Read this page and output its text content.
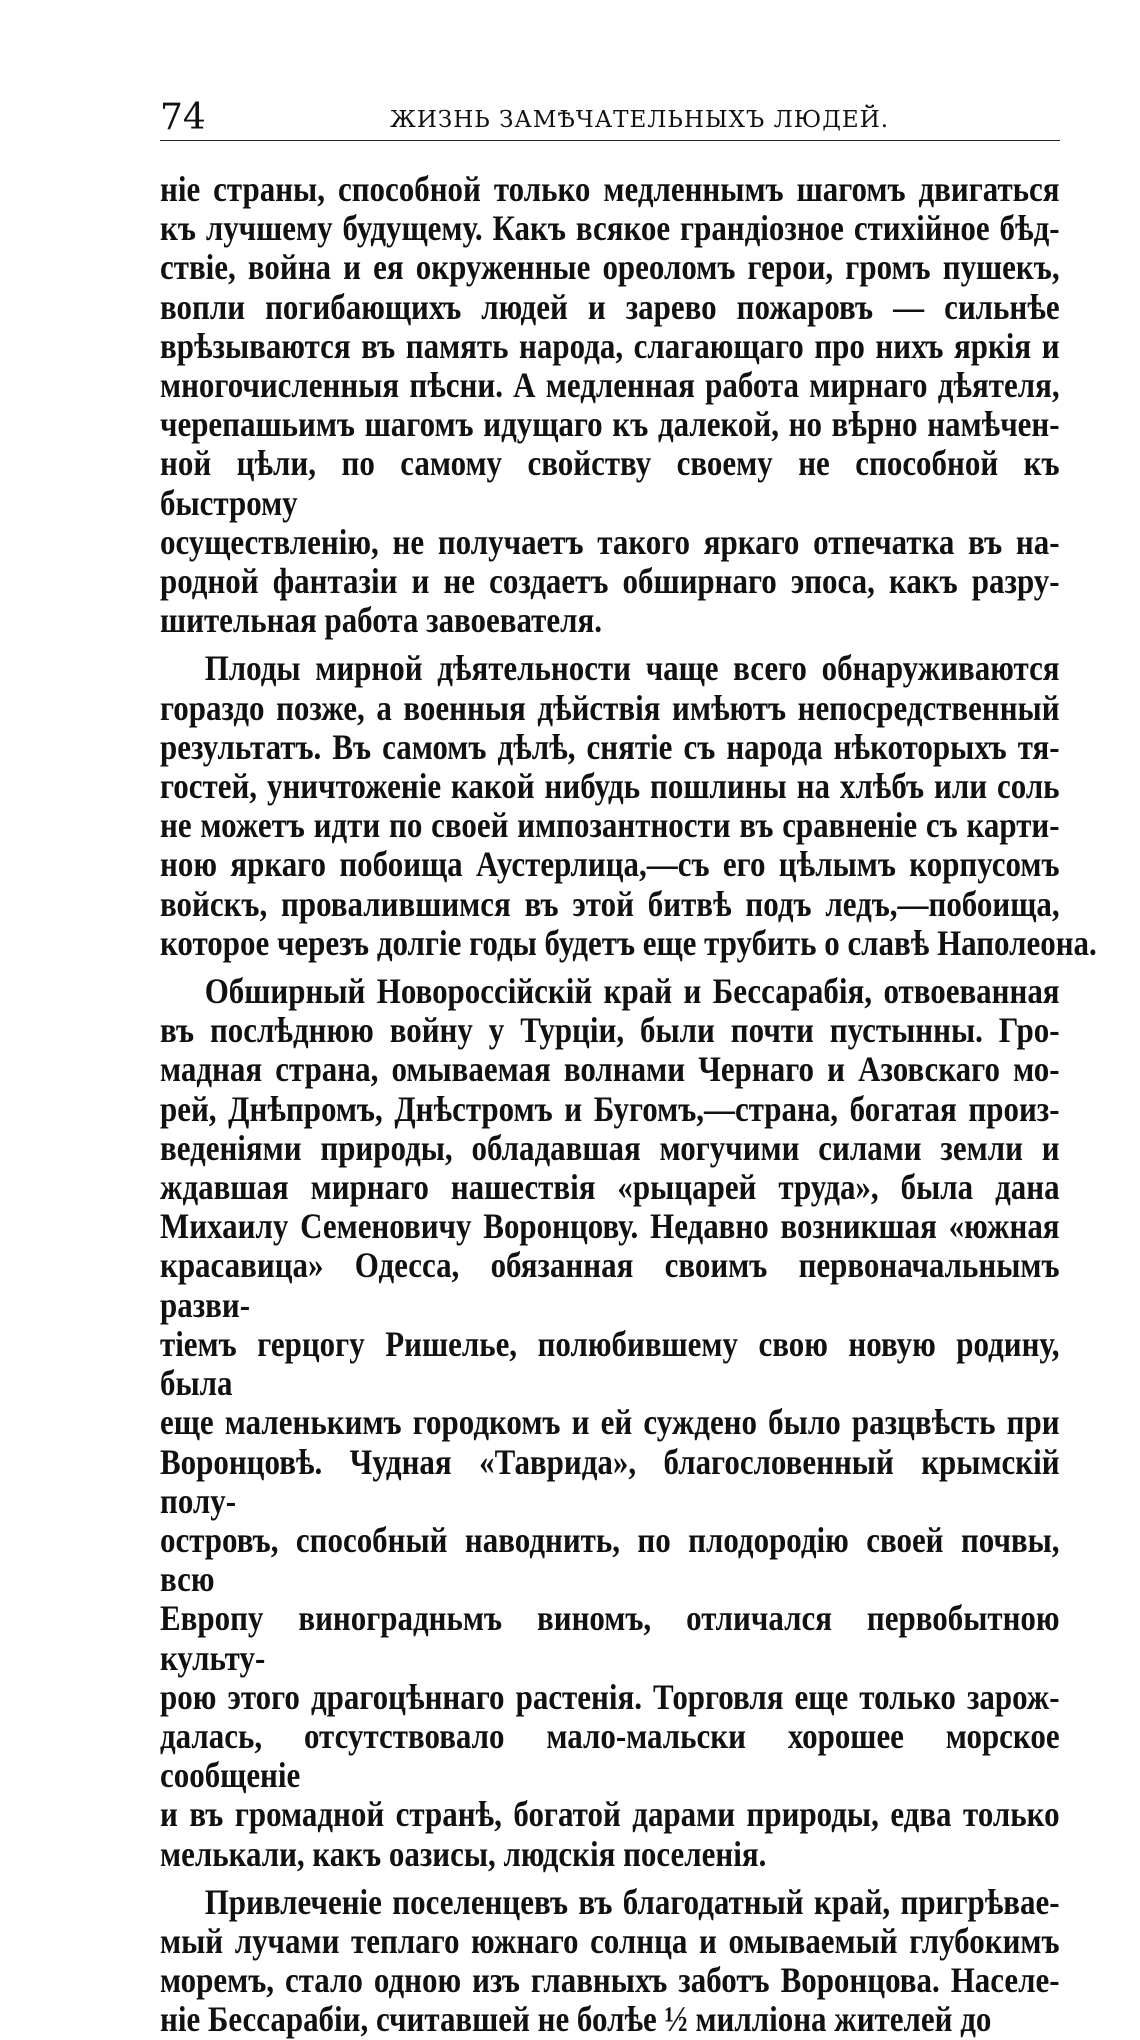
74	ЖИЗНЬ ЗАМѢЧАТЕЛЬНЫХЪ ЛЮДЕЙ.
ніе страны, способной только медленнымъ шагомъ двигаться
къ лучшему будущему. Какъ всякое грандіозное стихійное бѣд-
ствіе, война и ея окруженные ореоломъ герои, громъ пушекъ,
вопли погибающихъ людей и зарево пожаровъ — сильнѣе
врѣзываются въ память народа, слагающаго про нихъ яркія и
многочисленныя пѣсни. А медленная работа мирнаго дѣятеля,
черепашьимъ шагомъ идущаго къ далекой, но вѣрно намѣчен-
ной цѣли, по самому свойству своему не способной къ быстрому
осуществленію, не получаетъ такого яркаго отпечатка въ на-
родной фантазіи и не создаетъ обширнаго эпоса, какъ разру-
шительная работа завоевателя.
Плоды мирной дѣятельности чаще всего обнаруживаются
гораздо позже, а военныя дѣйствія имѣютъ непосредственный
результатъ. Въ самомъ дѣлѣ, снятіе съ народа нѣкоторыхъ тя-
гостей, уничтоженіе какой нибудь пошлины на хлѣбъ или соль
не можетъ идти по своей импозантности въ сравненіе съ карти-
ною яркаго побоища Аустерлица,—съ его цѣлымъ корпусомъ
войскъ, провалившимся въ этой битвѣ подъ ледъ,—побоища,
которое черезъ долгіе годы будетъ еще трубить о славѣ Наполеона.
Обширный Новороссійскій край и Бессарабія, отвоеванная
въ послѣднюю войну у Турціи, были почти пустынны. Гро-
мадная страна, омываемая волнами Чернаго и Азовскаго мо-
рей, Днѣпромъ, Днѣстромъ и Бугомъ,—страна, богатая произ-
веденіями природы, обладавшая могучими силами земли и
ждавшая мирнаго нашествія «рыцарей труда», была дана
Михаилу Семеновичу Воронцову. Недавно возникшая «южная
красавица» Одесса, обязанная своимъ первоначальнымъ разви-
тіемъ герцогу Ришелье, полюбившему свою новую родину, была
еще маленькимъ городкомъ и ей суждено было разцвѣсть при
Воронцовѣ. Чудная «Таврида», благословенный крымскій полу-
островъ, способный наводнить, по плодородію своей почвы, всю
Европу виноградньмъ виномъ, отличался первобытною культу-
рою этого драгоцѣннаго растенія. Торговля еще только зарож-
далась, отсутствовало мало-мальски хорошее морское сообщеніе
и въ громадной странѣ, богатой дарами природы, едва только
мелькали, какъ оазисы, людскія поселенія.
Привлеченіе поселенцевъ въ благодатный край, пригрѣвае-
мый лучами теплаго южнаго солнца и омываемый глубокимъ
моремъ, стало одною изъ главныхъ заботъ Воронцова. Населе-
ніе Бессарабіи, считавшей не болѣе ½ милліона жителей до
